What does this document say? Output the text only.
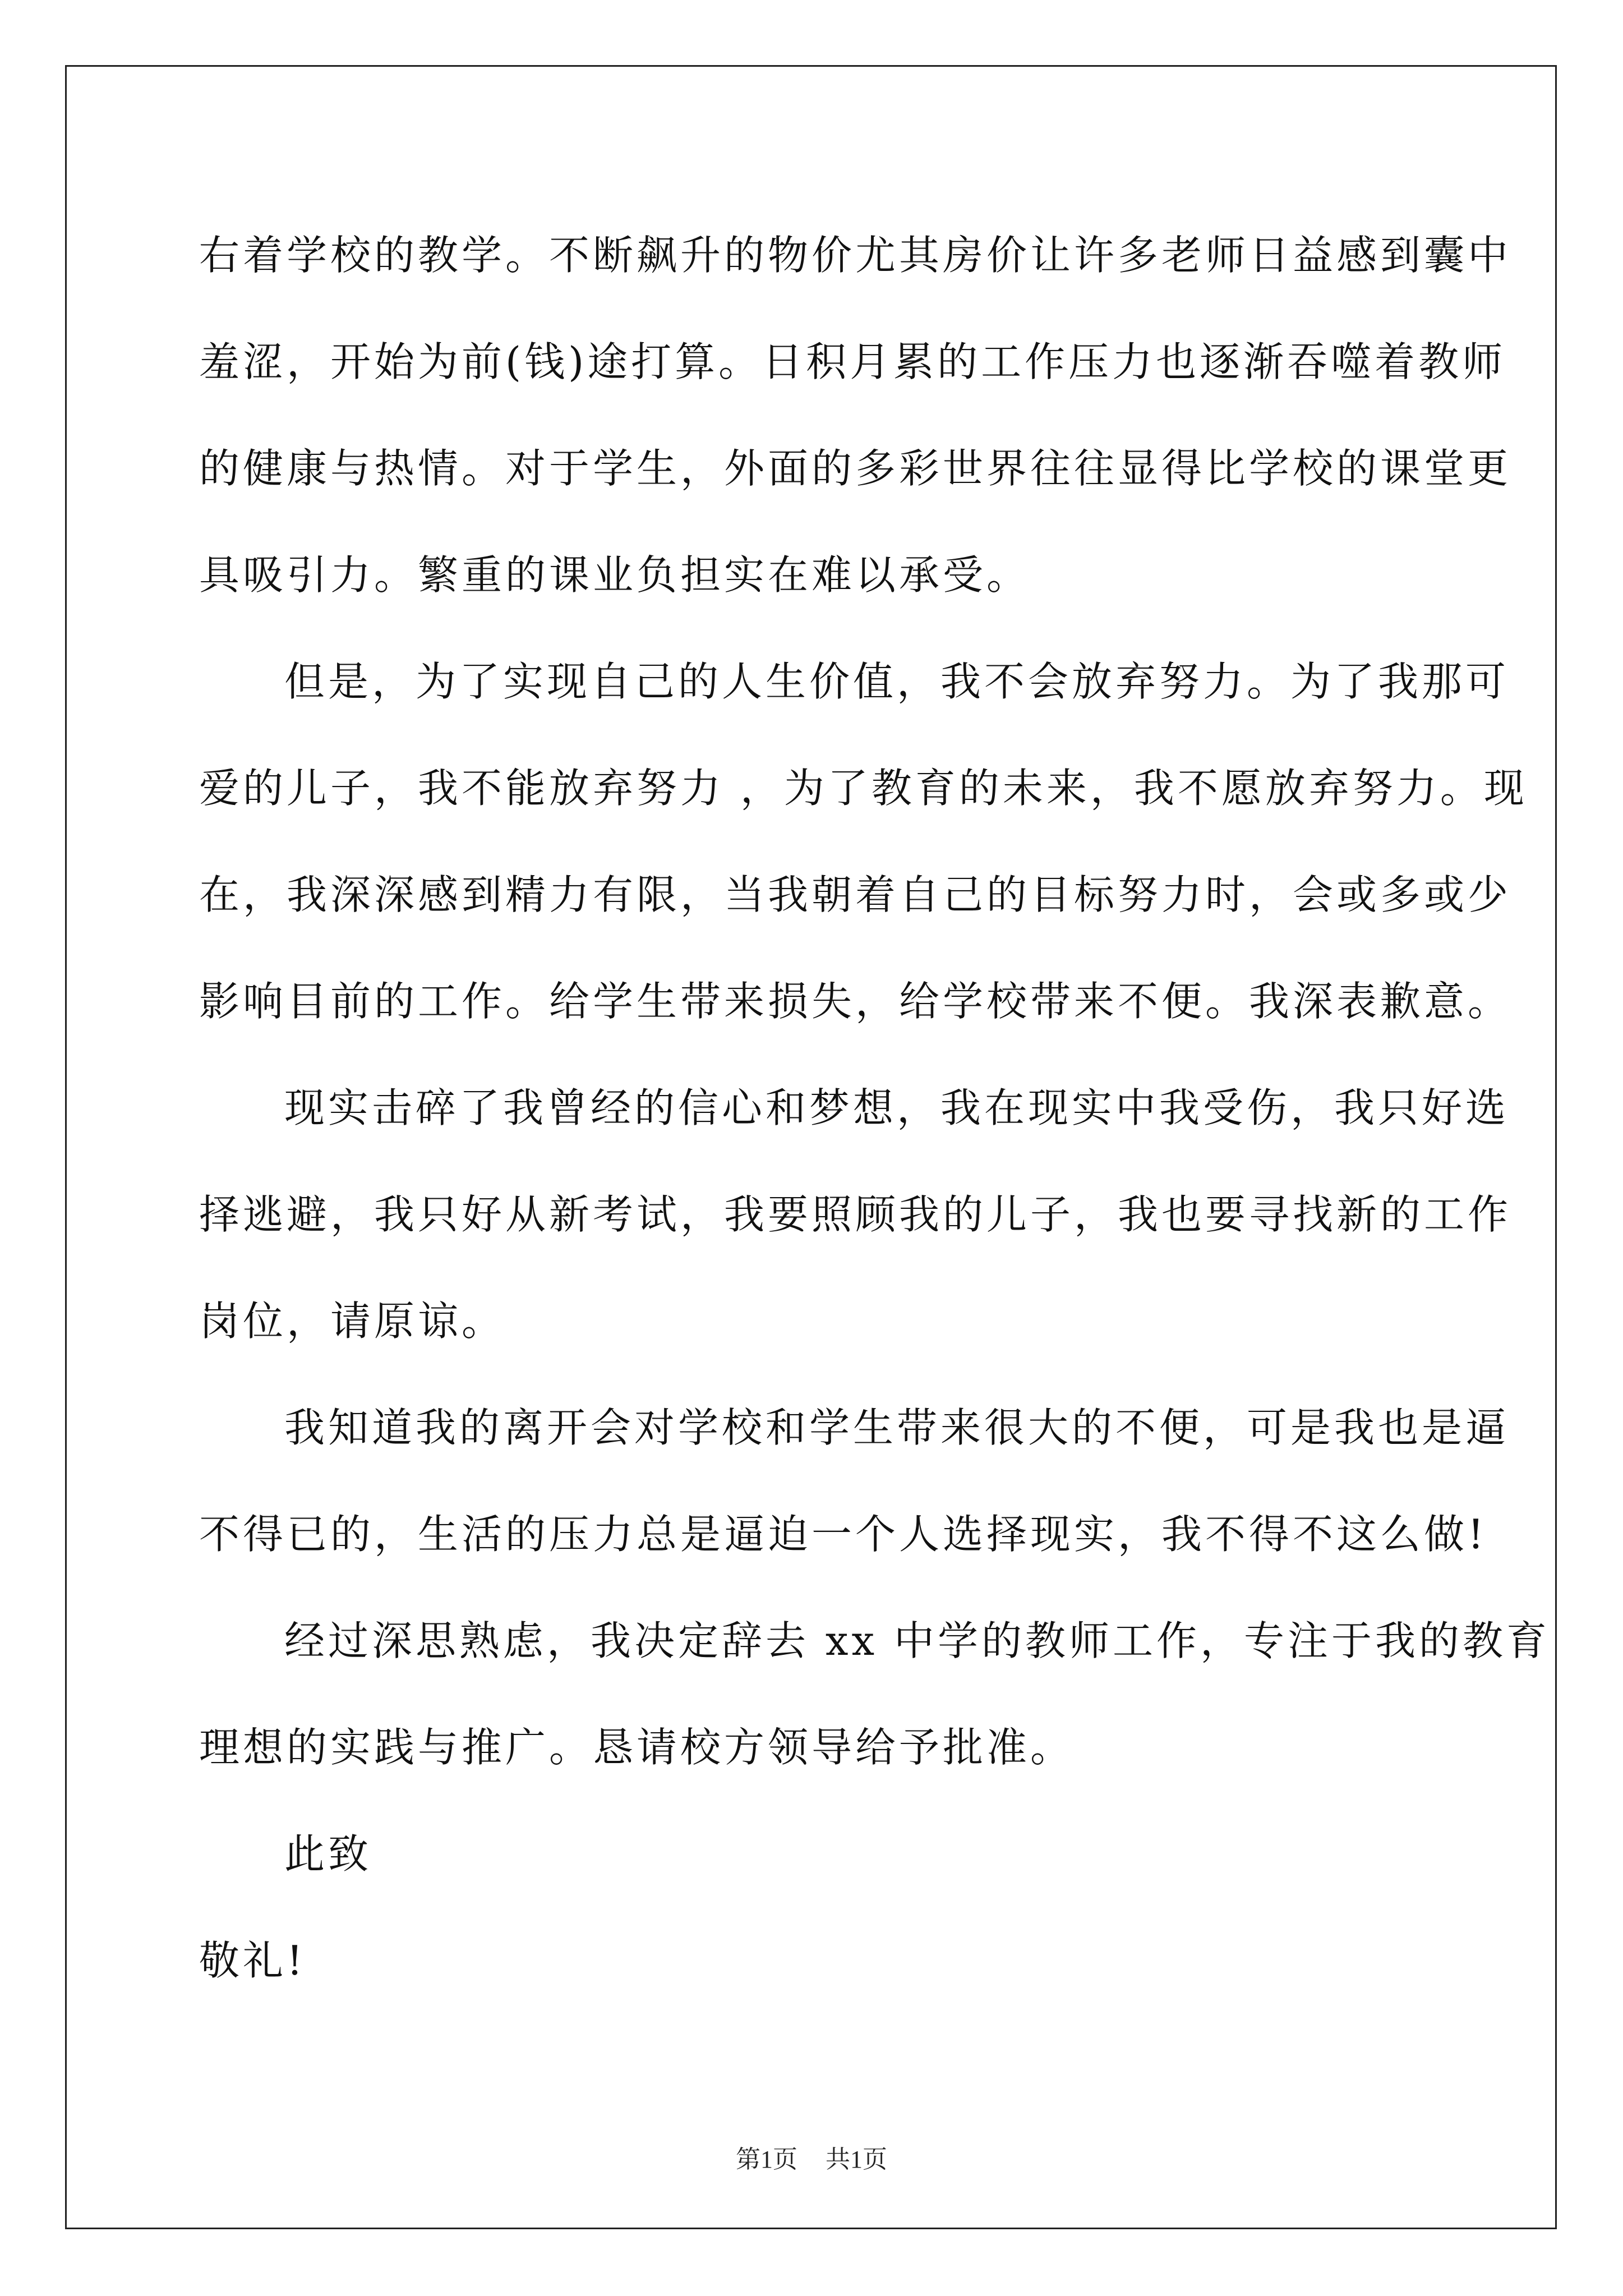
右着学校的教学。不断飙升的物价尤其房价让许多老师日益感到囊中
羞涩，开始为前(钱)途打算。日积月累的工作压力也逐渐吞噬着教师
的健康与热情。对于学生，外面的多彩世界往往显得比学校的课堂更
具吸引力。繁重的课业负担实在难以承受。
但是，为了实现自己的人生价值，我不会放弃努力。为了我那可
爱的儿子，我不能放弃努力 ，为了教育的未来，我不愿放弃努力。现
在，我深深感到精力有限，当我朝着自己的目标努力时，会或多或少
影响目前的工作。给学生带来损失，给学校带来不便。我深表歉意。
现实击碎了我曾经的信心和梦想，我在现实中我受伤，我只好选
择逃避，我只好从新考试，我要照顾我的儿子，我也要寻找新的工作
岗位，请原谅。
我知道我的离开会对学校和学生带来很大的不便，可是我也是逼
不得已的，生活的压力总是逼迫一个人选择现实，我不得不这么做!
经过深思熟虑，我决定辞去 xx 中学的教师工作，专注于我的教育
理想的实践与推广。恳请校方领导给予批准。
此致
敬礼!
第1页 共1页
